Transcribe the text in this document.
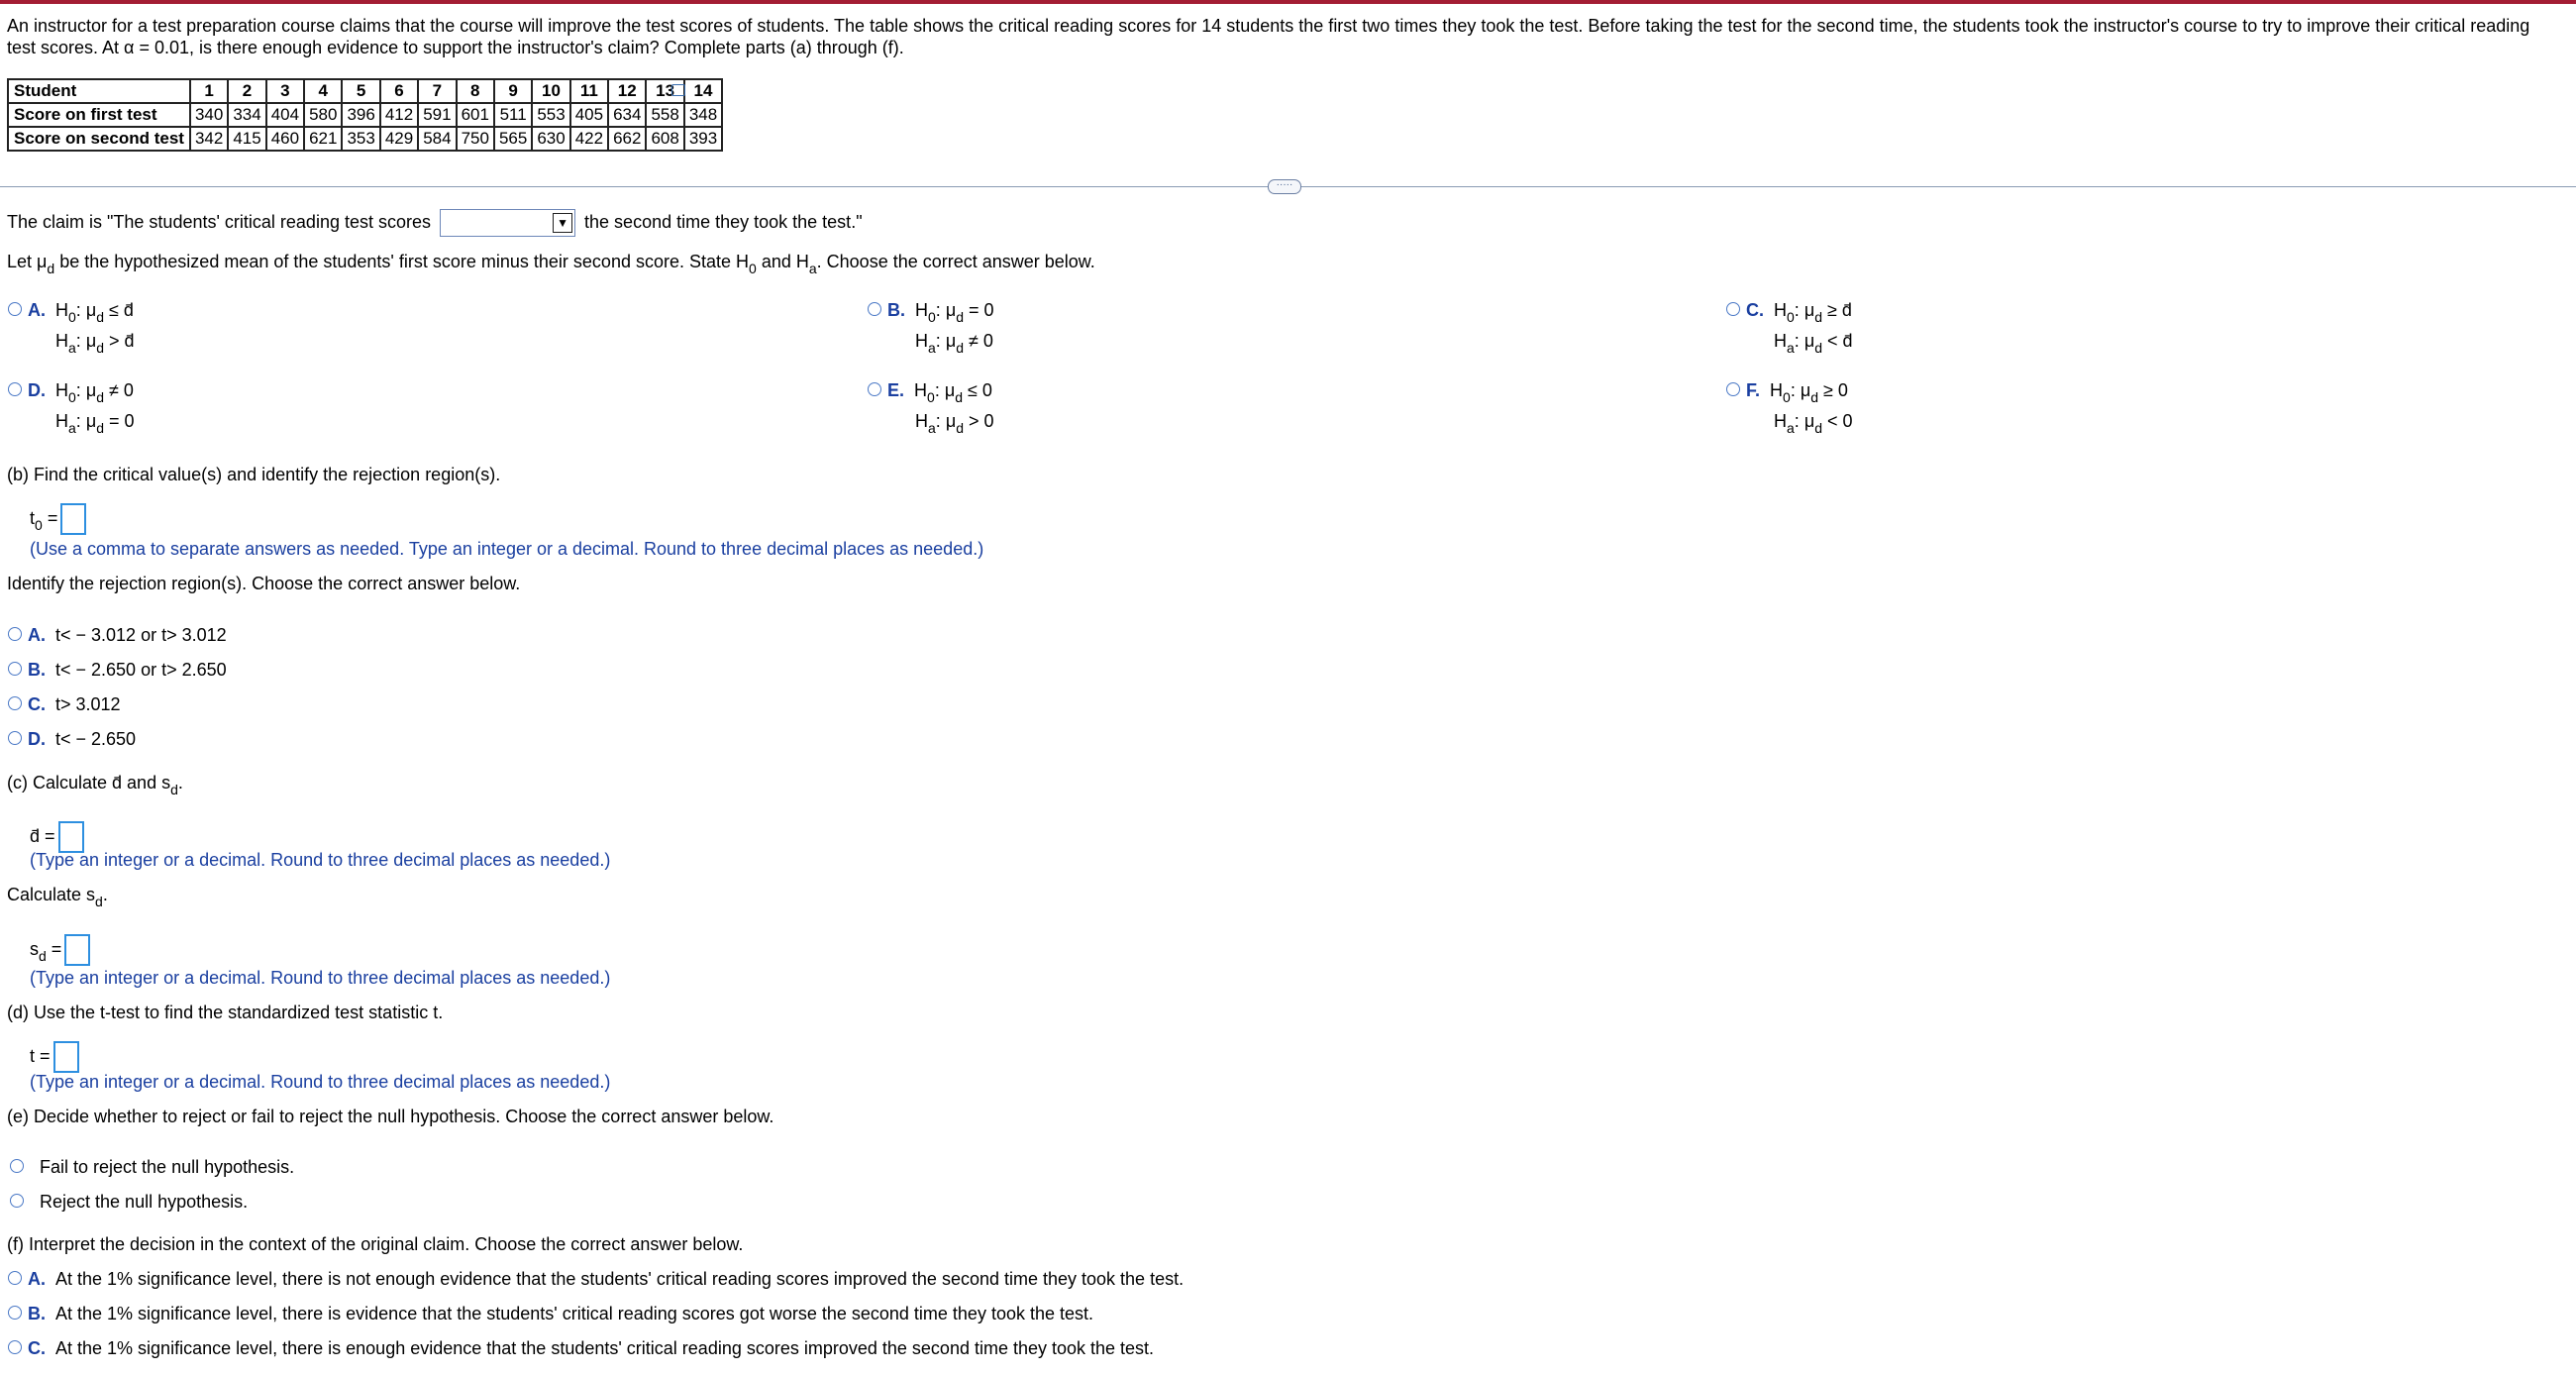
An instructor for a test preparation course claims that the course will improve the test scores of students. The table shows the critical reading scores for 14 students the first two times they took the test. Before taking the test for the second time, the students took the instructor's course to try to improve their critical reading test scores. At α = 0.01, is there enough evidence to support the instructor's claim? Complete parts (a) through (f).
Student	1	2	3	4	5	6	7	8	9	10	11	12	13	14
Score on first test	340	334	404	580	396	412	591	601	511	553	405	634	558	348
Score on second test	342	415	460	621	353	429	584	750	565	630	422	662	608	393
·····
The claim is "The students' critical reading test scores	▼ the second time they took the test."
Let $\mu_d$ be the hypothesized mean of the students' first score minus their second score. State $H_0$ and $H_a$. Choose the correct answer below.
A. $H_0$: $\mu_d$ ≤ d̄
$H_a$: $\mu_d$ > d̄
B. $H_0$: $\mu_d = 0$
$H_a$: $\mu_d \ne 0$
C. $H_0$: $\mu_d$ ≥ d̄
$H_a$: $\mu_d$ < d̄
D. $H_0$: $\mu_d \ne 0$
$H_a$: $\mu_d = 0$
E. $H_0$: $\mu_d \le 0$
$H_a$: $\mu_d > 0$
F. $H_0$: $\mu_d \ge 0$
$H_a$: $\mu_d < 0$
(b) Find the critical value(s) and identify the rejection region(s).
$t_0$ =
(Use a comma to separate answers as needed. Type an integer or a decimal. Round to three decimal places as needed.)
Identify the rejection region(s). Choose the correct answer below.
A. t< − 3.012 or t> 3.012
B. t< − 2.650 or t> 2.650
C. t> 3.012
D. t< − 2.650
(c) Calculate d̄ and $s_d$.
d̄ =
(Type an integer or a decimal. Round to three decimal places as needed.)
Calculate $s_d$.
$s_d$ =
(Type an integer or a decimal. Round to three decimal places as needed.)
(d) Use the t-test to find the standardized test statistic t.
t =
(Type an integer or a decimal. Round to three decimal places as needed.)
(e) Decide whether to reject or fail to reject the null hypothesis. Choose the correct answer below.
Fail to reject the null hypothesis.
Reject the null hypothesis.
(f) Interpret the decision in the context of the original claim. Choose the correct answer below.
A. At the 1% significance level, there is not enough evidence that the students' critical reading scores improved the second time they took the test.
B. At the 1% significance level, there is evidence that the students' critical reading scores got worse the second time they took the test.
C. At the 1% significance level, there is enough evidence that the students' critical reading scores improved the second time they took the test.
